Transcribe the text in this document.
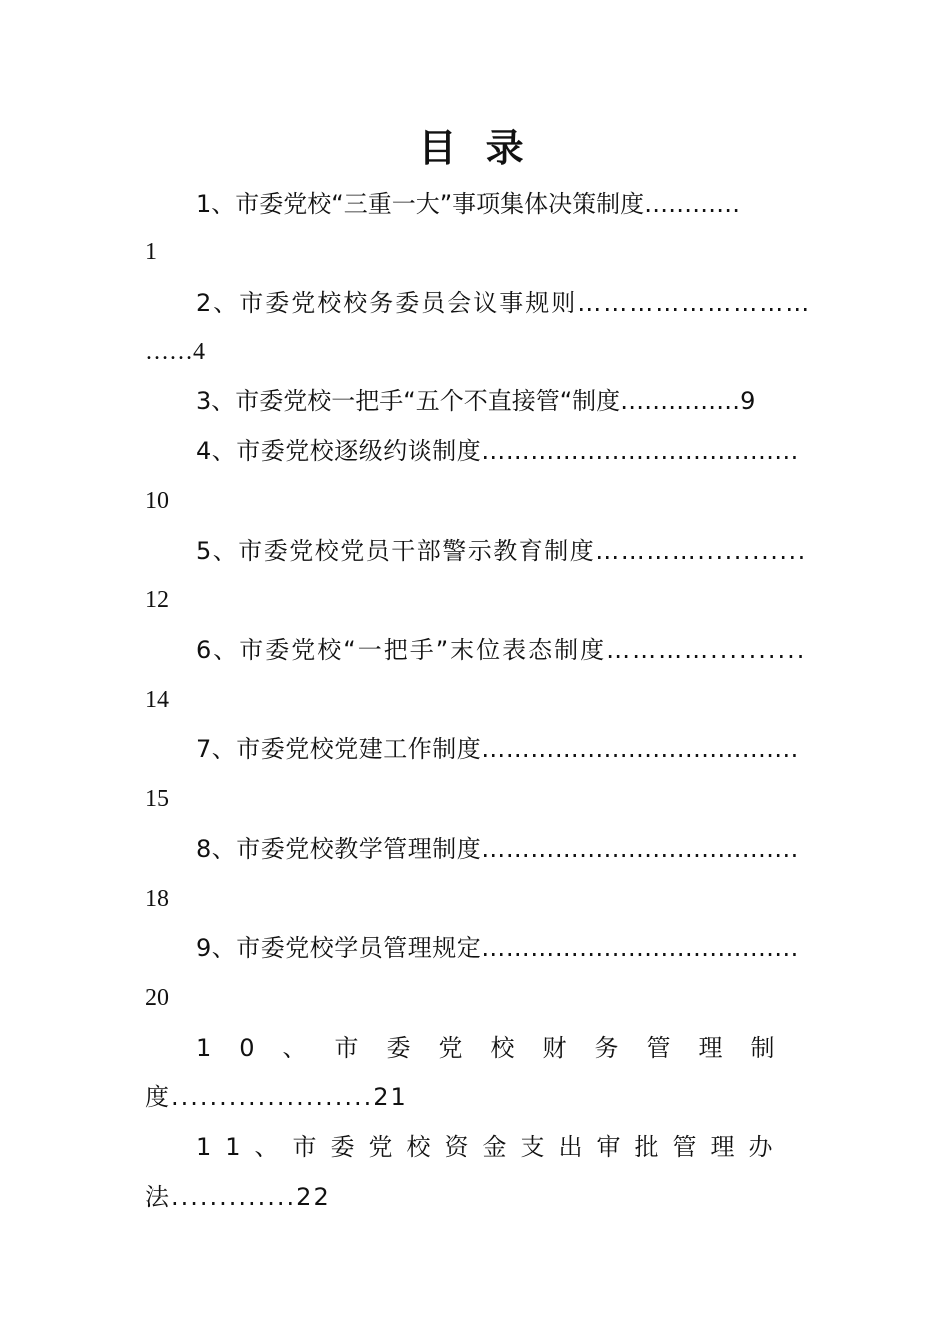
目 录
1、市委党校“三重一大”事项集体决策制度…………
1
2、市委党校校务委员会议事规则………………………
……4
3、市委党校一把手“五个不直接管“制度……………9
4、市委党校逐级约谈制度…………...........................
10
5、市委党校党员干部警示教育制度…………............
12
6、市委党校“一把手”末位表态制度…………..........
14
7、市委党校党建工作制度…………...........................
15
8、市委党校教学管理制度…………...........................
18
9、市委党校学员管理规定…………...........................
20
10、市委党校财务管理制
度.....................21
11、市委党校资金支出审批管理办
法.............22
